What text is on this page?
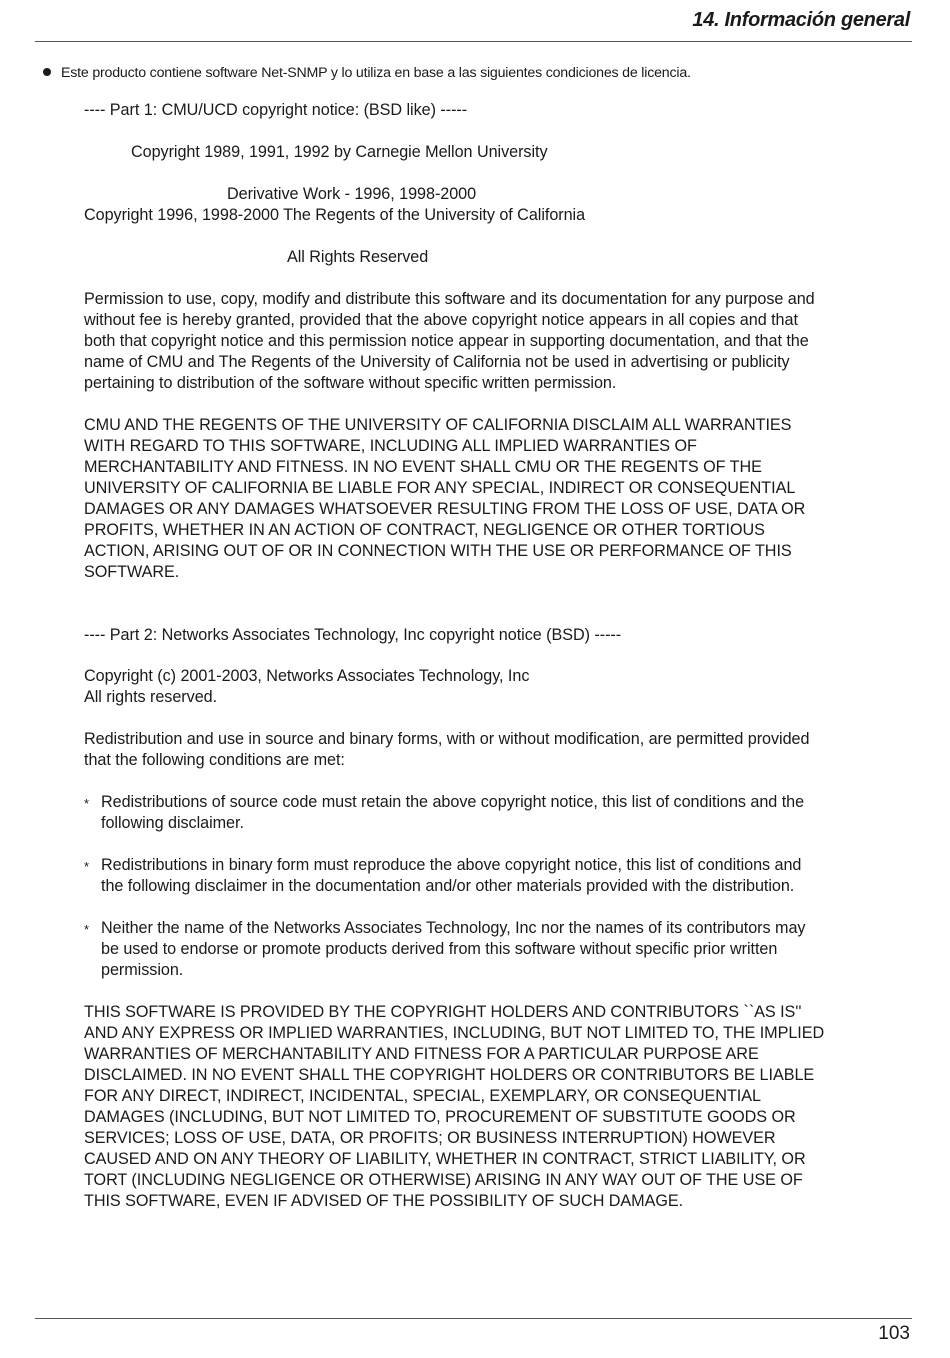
14. Información general
Este producto contiene software Net-SNMP y lo utiliza en base a las siguientes condiciones de licencia.
---- Part 1: CMU/UCD copyright notice: (BSD like) -----
Copyright 1989, 1991, 1992 by Carnegie Mellon University
Derivative Work - 1996, 1998-2000
Copyright 1996, 1998-2000 The Regents of the University of California
All Rights Reserved
Permission to use, copy, modify and distribute this software and its documentation for any purpose and
without fee is hereby granted, provided that the above copyright notice appears in all copies and that
both that copyright notice and this permission notice appear in supporting documentation, and that the
name of CMU and The Regents of the University of California not be used in advertising or publicity
pertaining to distribution of the software without specific written permission.
CMU AND THE REGENTS OF THE UNIVERSITY OF CALIFORNIA DISCLAIM ALL WARRANTIES
WITH REGARD TO THIS SOFTWARE, INCLUDING ALL IMPLIED WARRANTIES OF
MERCHANTABILITY AND FITNESS. IN NO EVENT SHALL CMU OR THE REGENTS OF THE
UNIVERSITY OF CALIFORNIA BE LIABLE FOR ANY SPECIAL, INDIRECT OR CONSEQUENTIAL
DAMAGES OR ANY DAMAGES WHATSOEVER RESULTING FROM THE LOSS OF USE, DATA OR
PROFITS, WHETHER IN AN ACTION OF CONTRACT, NEGLIGENCE OR OTHER TORTIOUS
ACTION, ARISING OUT OF OR IN CONNECTION WITH THE USE OR PERFORMANCE OF THIS
SOFTWARE.
---- Part 2: Networks Associates Technology, Inc copyright notice (BSD) -----
Copyright (c) 2001-2003, Networks Associates Technology, Inc
All rights reserved.
Redistribution and use in source and binary forms, with or without modification, are permitted provided
that the following conditions are met:
* Redistributions of source code must retain the above copyright notice, this list of conditions and the
following disclaimer.
* Redistributions in binary form must reproduce the above copyright notice, this list of conditions and
the following disclaimer in the documentation and/or other materials provided with the distribution.
* Neither the name of the Networks Associates Technology, Inc nor the names of its contributors may
be used to endorse or promote products derived from this software without specific prior written
permission.
THIS SOFTWARE IS PROVIDED BY THE COPYRIGHT HOLDERS AND CONTRIBUTORS ``AS IS''
AND ANY EXPRESS OR IMPLIED WARRANTIES, INCLUDING, BUT NOT LIMITED TO, THE IMPLIED
WARRANTIES OF MERCHANTABILITY AND FITNESS FOR A PARTICULAR PURPOSE ARE
DISCLAIMED. IN NO EVENT SHALL THE COPYRIGHT HOLDERS OR CONTRIBUTORS BE LIABLE
FOR ANY DIRECT, INDIRECT, INCIDENTAL, SPECIAL, EXEMPLARY, OR CONSEQUENTIAL
DAMAGES (INCLUDING, BUT NOT LIMITED TO, PROCUREMENT OF SUBSTITUTE GOODS OR
SERVICES; LOSS OF USE, DATA, OR PROFITS; OR BUSINESS INTERRUPTION) HOWEVER
CAUSED AND ON ANY THEORY OF LIABILITY, WHETHER IN CONTRACT, STRICT LIABILITY, OR
TORT (INCLUDING NEGLIGENCE OR OTHERWISE) ARISING IN ANY WAY OUT OF THE USE OF
THIS SOFTWARE, EVEN IF ADVISED OF THE POSSIBILITY OF SUCH DAMAGE.
103
